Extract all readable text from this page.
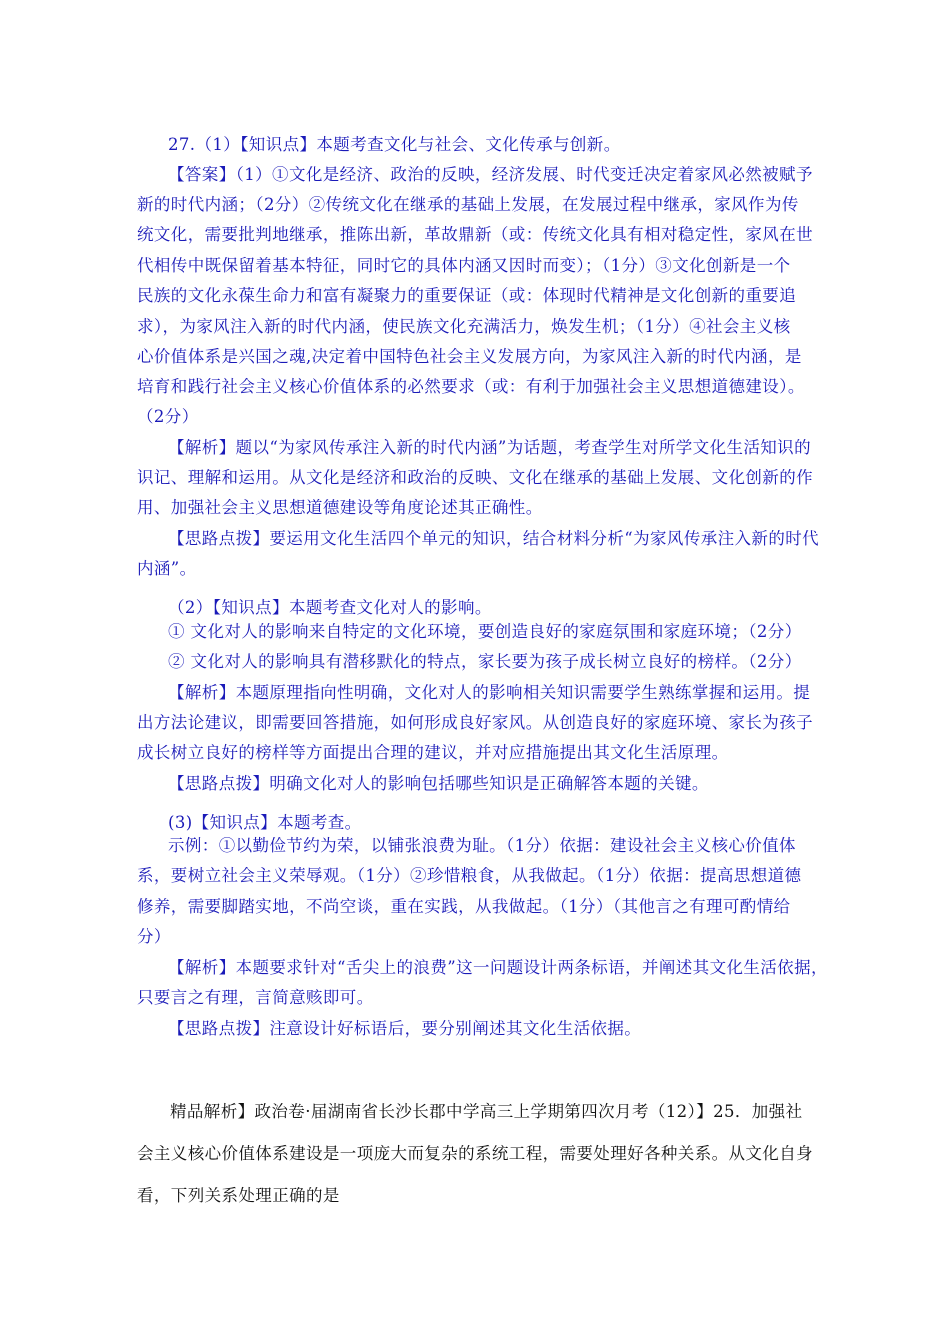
27.（1）【知识点】本题考查文化与社会、文化传承与创新。
【答案】（1）①文化是经济、政治的反映，经济发展、时代变迁决定着家风必然被赋予
新的时代内涵；（2分）②传统文化在继承的基础上发展，在发展过程中继承，家风作为传
统文化，需要批判地继承，推陈出新，革故鼎新（或：传统文化具有相对稳定性，家风在世
代相传中既保留着基本特征，同时它的具体内涵又因时而变）；（1分）③文化创新是一个
民族的文化永葆生命力和富有凝聚力的重要保证（或：体现时代精神是文化创新的重要追
求），为家风注入新的时代内涵，使民族文化充满活力，焕发生机；（1分）④社会主义核
心价值体系是兴国之魂,决定着中国特色社会主义发展方向，为家风注入新的时代内涵，是
培育和践行社会主义核心价值体系的必然要求（或：有利于加强社会主义思想道德建设）。
（2分）
【解析】题以“为家风传承注入新的时代内涵”为话题，考查学生对所学文化生活知识的
识记、理解和运用。从文化是经济和政治的反映、文化在继承的基础上发展、文化创新的作
用、加强社会主义思想道德建设等角度论述其正确性。
【思路点拨】要运用文化生活四个单元的知识，结合材料分析“为家风传承注入新的时代
内涵”。
（2）【知识点】本题考查文化对人的影响。
① 文化对人的影响来自特定的文化环境，要创造良好的家庭氛围和家庭环境；（2分）
② 文化对人的影响具有潜移默化的特点，家长要为孩子成长树立良好的榜样。（2分）
【解析】本题原理指向性明确，文化对人的影响相关知识需要学生熟练掌握和运用。提
出方法论建议，即需要回答措施，如何形成良好家风。从创造良好的家庭环境、家长为孩子
成长树立良好的榜样等方面提出合理的建议，并对应措施提出其文化生活原理。
【思路点拨】明确文化对人的影响包括哪些知识是正确解答本题的关键。
(3)【知识点】本题考查。
示例：①以勤俭节约为荣，以铺张浪费为耻。（1分）依据：建设社会主义核心价值体
系，要树立社会主义荣辱观。（1分）②珍惜粮食，从我做起。（1分）依据：提高思想道德
修养，需要脚踏实地，不尚空谈，重在实践，从我做起。（1分）（其他言之有理可酌情给
分）
【解析】本题要求针对“舌尖上的浪费”这一问题设计两条标语，并阐述其文化生活依据，
只要言之有理，言简意赅即可。
【思路点拨】注意设计好标语后，要分别阐述其文化生活依据。
精品解析】政治卷·届湖南省长沙长郡中学高三上学期第四次月考（12）】25．加强社
会主义核心价值体系建设是一项庞大而复杂的系统工程，需要处理好各种关系。从文化自身
看，下列关系处理正确的是
